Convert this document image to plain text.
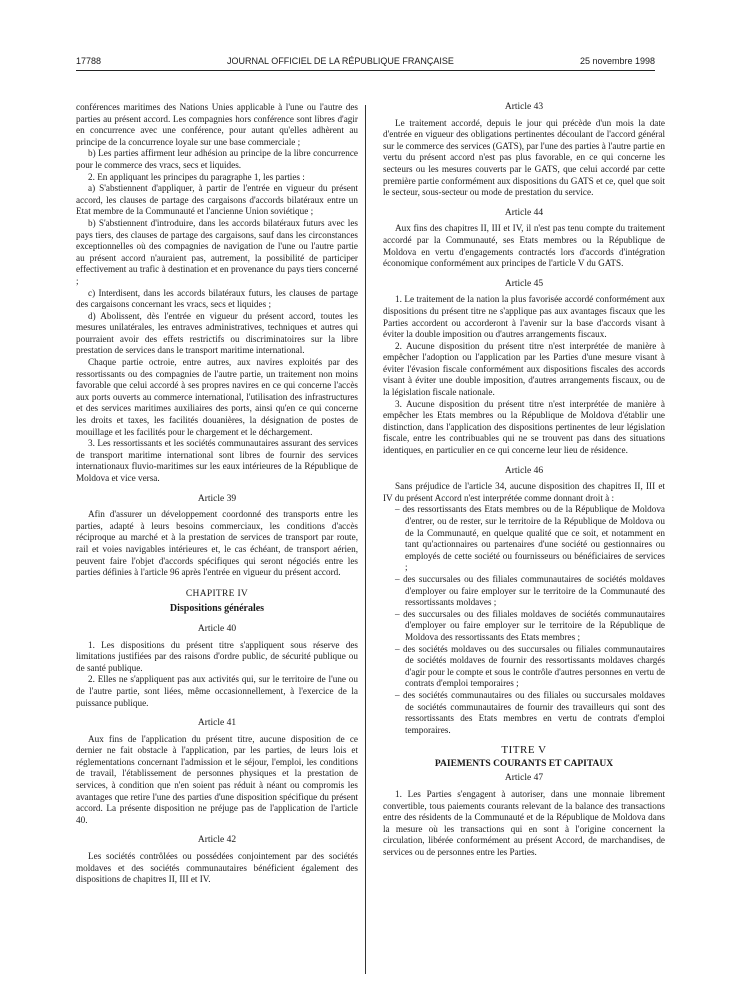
17788	JOURNAL OFFICIEL DE LA RÉPUBLIQUE FRANÇAISE	25 novembre 1998

conférences maritimes des Nations Unies applicable à l'une ou l'autre des parties au présent accord. Les compagnies hors conférence sont libres d'agir en concurrence avec une conférence, pour autant qu'elles adhèrent au principe de la concurrence loyale sur une base commerciale ;

b) Les parties affirment leur adhésion au principe de la libre concurrence pour le commerce des vracs, secs et liquides.

2. En appliquant les principes du paragraphe 1, les parties :

a) S'abstiennent d'appliquer, à partir de l'entrée en vigueur du présent accord, les clauses de partage des cargaisons d'accords bilatéraux entre un Etat membre de la Communauté et l'ancienne Union soviétique ;

b) S'abstiennent d'introduire, dans les accords bilatéraux futurs avec les pays tiers, des clauses de partage des cargaisons, sauf dans les circonstances exceptionnelles où des compagnies de navigation de l'une ou l'autre partie au présent accord n'auraient pas, autrement, la possibilité de participer effectivement au trafic à destination et en provenance du pays tiers concerné ;

c) Interdisent, dans les accords bilatéraux futurs, les clauses de partage des cargaisons concernant les vracs, secs et liquides ;

d) Abolissent, dès l'entrée en vigueur du présent accord, toutes les mesures unilatérales, les entraves administratives, techniques et autres qui pourraient avoir des effets restrictifs ou discriminatoires sur la libre prestation de services dans le transport maritime international.

Chaque partie octroie, entre autres, aux navires exploités par des ressortissants ou des compagnies de l'autre partie, un traitement non moins favorable que celui accordé à ses propres navires en ce qui concerne l'accès aux ports ouverts au commerce international, l'utilisation des infrastructures et des services maritimes auxiliaires des ports, ainsi qu'en ce qui concerne les droits et taxes, les facilités douanières, la désignation de postes de mouillage et les facilités pour le chargement et le déchargement.

3. Les ressortissants et les sociétés communautaires assurant des services de transport maritime international sont libres de fournir des services internationaux fluvio-maritimes sur les eaux intérieures de la République de Moldova et vice versa.

Article 39

Afin d'assurer un développement coordonné des transports entre les parties, adapté à leurs besoins commerciaux, les conditions d'accès réciproque au marché et à la prestation de services de transport par route, rail et voies navigables intérieures et, le cas échéant, de transport aérien, peuvent faire l'objet d'accords spécifiques qui seront négociés entre les parties définies à l'article 96 après l'entrée en vigueur du présent accord.

CHAPITRE IV
Dispositions générales
Article 40

1. Les dispositions du présent titre s'appliquent sous réserve des limitations justifiées par des raisons d'ordre public, de sécurité publique ou de santé publique.

2. Elles ne s'appliquent pas aux activités qui, sur le territoire de l'une ou de l'autre partie, sont liées, même occasionnellement, à l'exercice de la puissance publique.

Article 41

Aux fins de l'application du présent titre, aucune disposition de ce dernier ne fait obstacle à l'application, par les parties, de leurs lois et réglementations concernant l'admission et le séjour, l'emploi, les conditions de travail, l'établissement de personnes physiques et la prestation de services, à condition que n'en soient pas réduit à néant ou compromis les avantages que retire l'une des parties d'une disposition spécifique du présent accord. La présente disposition ne préjuge pas de l'application de l'article 40.

Article 42

Les sociétés contrôlées ou possédées conjointement par des sociétés moldaves et des sociétés communautaires bénéficient également des dispositions de chapitres II, III et IV.

Article 43

Le traitement accordé, depuis le jour qui précède d'un mois la date d'entrée en vigueur des obligations pertinentes découlant de l'accord général sur le commerce des services (GATS), par l'une des parties à l'autre partie en vertu du présent accord n'est pas plus favorable, en ce qui concerne les secteurs ou les mesures couverts par le GATS, que celui accordé par cette première partie conformément aux dispositions du GATS et ce, quel que soit le secteur, sous-secteur ou mode de prestation du service.

Article 44

Aux fins des chapitres II, III et IV, il n'est pas tenu compte du traitement accordé par la Communauté, ses Etats membres ou la République de Moldova en vertu d'engagements contractés lors d'accords d'intégration économique conformément aux principes de l'article V du GATS.

Article 45

1. Le traitement de la nation la plus favorisée accordé conformément aux dispositions du présent titre ne s'applique pas aux avantages fiscaux que les Parties accordent ou accorderont à l'avenir sur la base d'accords visant à éviter la double imposition ou d'autres arrangements fiscaux.

2. Aucune disposition du présent titre n'est interprétée de manière à empêcher l'adoption ou l'application par les Parties d'une mesure visant à éviter l'évasion fiscale conformément aux dispositions fiscales des accords visant à éviter une double imposition, d'autres arrangements fiscaux, ou de la législation fiscale nationale.

3. Aucune disposition du présent titre n'est interprétée de manière à empêcher les Etats membres ou la République de Moldova d'établir une distinction, dans l'application des dispositions pertinentes de leur législation fiscale, entre les contribuables qui ne se trouvent pas dans des situations identiques, en particulier en ce qui concerne leur lieu de résidence.

Article 46

Sans préjudice de l'article 34, aucune disposition des chapitres II, III et IV du présent Accord n'est interprétée comme donnant droit à :

– des ressortissants des Etats membres ou de la République de Moldova d'entrer, ou de rester, sur le territoire de la République de Moldova ou de la Communauté, en quelque qualité que ce soit, et notamment en tant qu'actionnaires ou partenaires d'une société ou gestionnaires ou employés de cette société ou fournisseurs ou bénéficiaires de services ;
– des succursales ou des filiales communautaires de sociétés moldaves d'employer ou faire employer sur le territoire de la Communauté des ressortissants moldaves ;
– des succursales ou des filiales moldaves de sociétés communautaires d'employer ou faire employer sur le territoire de la République de Moldova des ressortissants des Etats membres ;
– des sociétés moldaves ou des succursales ou filiales communautaires de sociétés moldaves de fournir des ressortissants moldaves chargés d'agir pour le compte et sous le contrôle d'autres personnes en vertu de contrats d'emploi temporaires ;
– des sociétés communautaires ou des filiales ou succursales moldaves de sociétés communautaires de fournir des travailleurs qui sont des ressortissants des Etats membres en vertu de contrats d'emploi temporaires.
TITRE V
PAIEMENTS COURANTS ET CAPITAUX
Article 47

1. Les Parties s'engagent à autoriser, dans une monnaie librement convertible, tous paiements courants relevant de la balance des transactions entre des résidents de la Communauté et de la République de Moldova dans la mesure où les transactions qui en sont à l'origine concernent la circulation, libérée conformément au présent Accord, de marchandises, de services ou de personnes entre les Parties.
